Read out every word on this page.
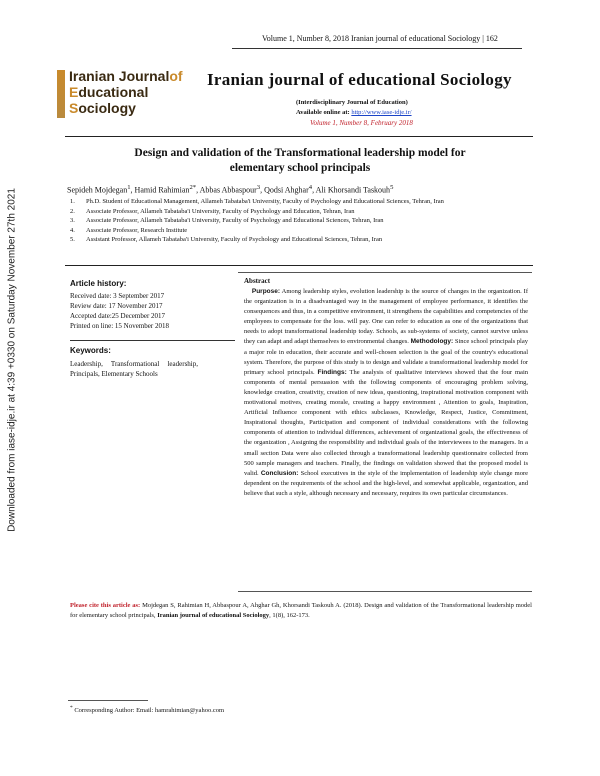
Volume 1, Number 8, 2018 Iranian journal of educational Sociology | 162
Downloaded from iase-idje.ir at 4:39 +0330 on Saturday November 27th 2021
Iranian Journalof
Educational
Sociology
Iranian journal of educational Sociology
(Interdisciplinary Journal of Education)
Available online at: http://www.iase-idje.ir/
Volume 1, Number 8, February 2018
Design and validation of the Transformational leadership model for
elementary school principals
Sepideh Mojdegan$^1$, Hamid Rahimian$^{2*}$, Abbas Abbaspour$^3$, Qodsi Ahghar$^4$, Ali Khorsandi Taskouh$^5$
1.	Ph.D. Student of Educational Management, Allameh Tabataba'i University, Faculty of Psychology and Educational Sciences, Tehran, Iran
2.	Associate Professor, Allameh Tabataba'i University, Faculty of Psychology and Education, Tehran, Iran
3.	Associate Professor, Allameh Tabataba'i University, Faculty of Psychology and Educational Sciences, Tehran, Iran
4.	Associate Professor, Research Institute
5.	Assistant Professor, Allameh Tabataba'i University, Faculty of Psychology and Educational Sciences, Tehran, Iran
Article history:
Received date: 3 September 2017
Review date: 17 November 2017
Accepted date:25 December 2017
Printed on line: 15 November 2018
Keywords:
Leadership, Transformational leadership, Principals, Elementary Schools
Abstract
Purpose: Among leadership styles, evolution leadership is the source of changes in the organization. If the organization is in a disadvantaged way in the management of employee performance, it identifies the consequences and thus, in a competitive environment, it strengthens the capabilities and competencies of the employees to compensate for the loss. will pay. One can refer to education as one of the organizations that needs to adopt transformational leadership today. Schools, as sub-systems of society, cannot survive unless they can adapt and adapt themselves to environmental changes. Methodology: Since school principals play a major role in education, their accurate and well-chosen selection is the goal of the country's educational system. Therefore, the purpose of this study is to design and validate a transformational leadership model for primary school principals. Findings: The analysis of qualitative interviews showed that the four main components of mental persuasion with the following components of encouraging problem solving, knowledge creation, creativity, creation of new ideas, questioning, inspirational motivation component with motivational motives, creating morale, creating a happy environment , Attention to goals, Inspiration, Artificial Influence component with ethics subclasses, Knowledge, Respect, Justice, Commitment, Inspirational thoughts, Participation and component of individual considerations with the following components of attention to individual differences, achievement of organizational goals, the effectiveness of the organization , Assigning the responsibility and individual goals of the interviewees to the managers. In a small section Data were also collected through a transformational leadership questionnaire collected from 500 sample managers and teachers. Finally, the findings on validation showed that the proposed model is valid. Conclusion: School executives in the style of the implementation of leadership style change more dependent on the requirements of the school and the high-level, and somewhat applicable, organization, and believe that such a style, although necessary and necessary, requires its own particular circumstances.
Please cite this article as: Mojdegan S, Rahimian H, Abbaspour A, Ahghar Gh, Khorsandi Taskouh A. (2018). Design and validation of the Transformational leadership model for elementary school principals, Iranian journal of educational Sociology, 1(8), 162-173.
* Corresponding Author: Email: hamrahimian@yahoo.com
